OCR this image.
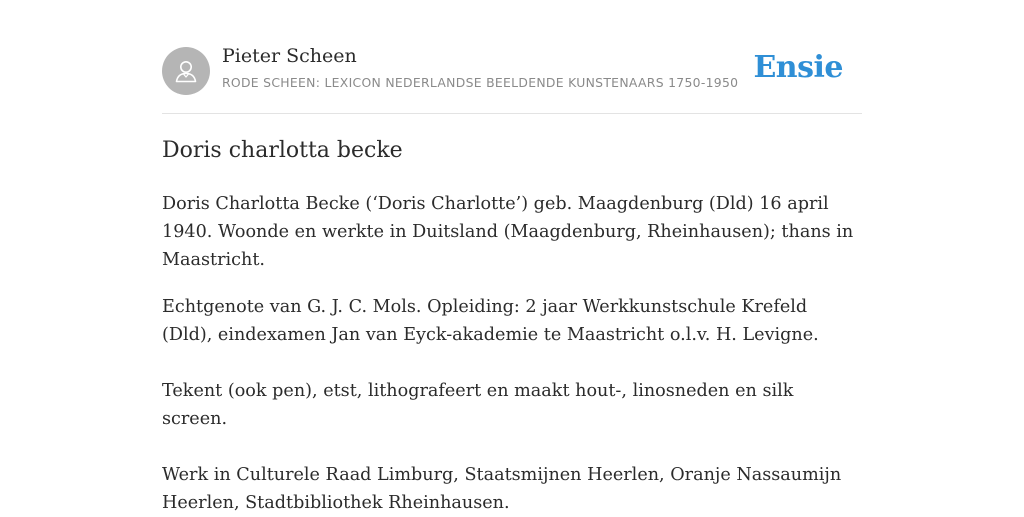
Pieter Scheen
RODE SCHEEN: LEXICON NEDERLANDSE BEELDENDE KUNSTENAARS 1750-1950 Ensie
Doris charlotta becke

Doris Charlotta Becke (‘Doris Charlotte’) geb. Maagdenburg (Dld) 16 april 1940. Woonde en werkte in Duitsland (Maagdenburg, Rheinhausen); thans in Maastricht.

Echtgenote van G. J. C. Mols. Opleiding: 2 jaar Werkkunstschule Krefeld (Dld), eindexamen Jan van Eyck-akademie te Maastricht o.l.v. H. Levigne.

Tekent (ook pen), etst, lithografeert en maakt hout-, linosneden en silk screen.

Werk in Culturele Raad Limburg, Staatsmijnen Heerlen, Oranje Nassaumijn Heerlen, Stadtbibliothek Rheinhausen.
